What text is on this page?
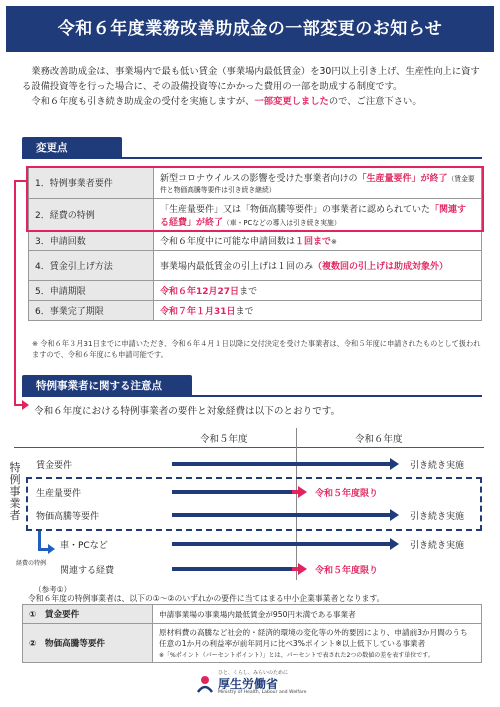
令和６年度業務改善助成金の一部変更のお知らせ

業務改善助成金は、事業場内で最も低い賃金（事業場内最低賃金）を30円以上引き上げ、生産性向上に資する設備投資等を行った場合に、その設備投資等にかかった費用の一部を助成する制度です。

令和６年度も引き続き助成金の受付を実施しますが、一部変更しましたので、ご注意下さい。

変更点
1．特例事業者要件	新型コロナウイルスの影響を受けた事業者向けの「生産量要件」が終了（賃金要件と物価高騰等要件は引き続き継続）
2．経費の特例	「生産量要件」又は「物価高騰等要件」の事業者に認められていた「関連する経費」が終了（車・PCなどの導入は引き続き実施）
3．申請回数	令和６年度中に可能な申請回数は１回まで※
4．賃金引上げ方法	事業場内最低賃金の引上げは１回のみ（複数回の引上げは助成対象外）
5．申請期限	令和６年12月27日まで
6．事業完了期限	令和７年１月31日まで
※ 令和６年３月31日までに申請いただき、令和６年４月１日以降に交付決定を受けた事業者は、令和５年度に申請されたものとして扱われますので、令和６年度にも申請可能です。
特例事業者に関する注意点
令和６年度における特例事業者の要件と対象経費は以下のとおりです。
令和５年度	令和６年度
特例事業者
賃金要件	引き続き実施
生産量要件	令和５年度限り
物価高騰等要件	引き続き実施
経費の特例
車・PCなど	引き続き実施
関連する経費	令和５年度限り
（参考①）
令和６年度の特例事業者は、以下の①～②のいずれかの要件に当てはまる中小企業事業者となります。
①　賃金要件	申請事業場の事業場内最低賃金が950円未満である事業者
②　物価高騰等要件	原材料費の高騰など社会的・経済的環境の変化等の外的要因により、申請前3か月間のうち任意の1か月の利益率が前年同月に比べ3%ポイント※以上低下している事業者
※「%ポイント（パーセントポイント）」とは、パーセントで表された2つの数値の差を表す単位です。
ひと、くらし、みらいのために
厚生労働省
Ministry of Health, Labour and Welfare
